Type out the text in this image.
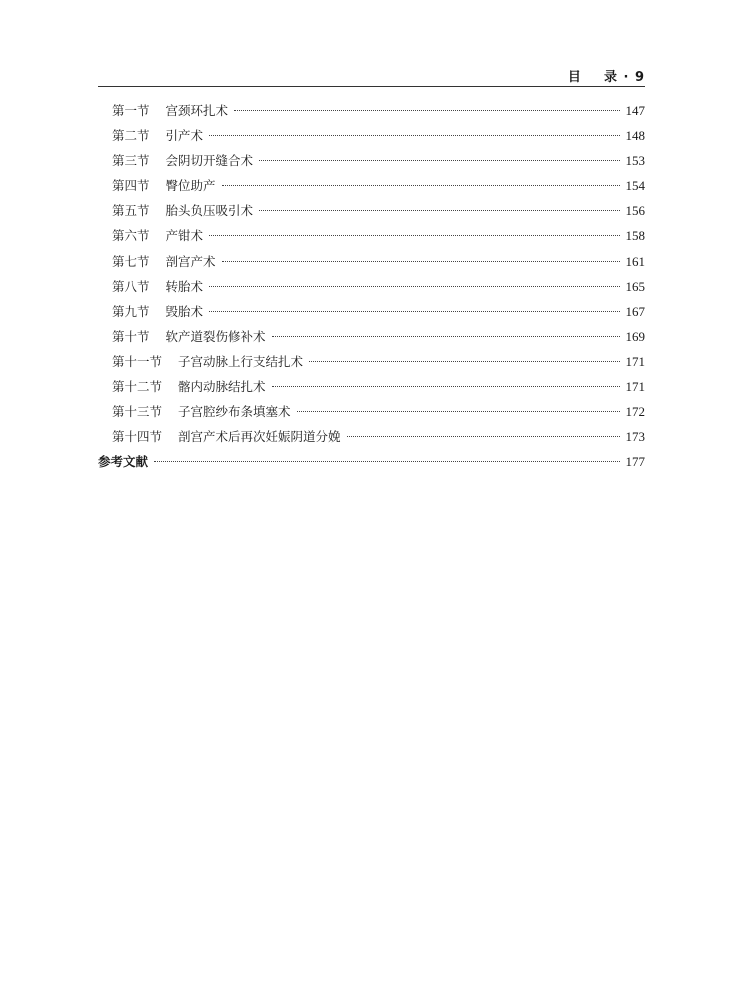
目    录 · 9
第一节 宫颈环扎术	147
第二节 引产术	148
第三节 会阴切开缝合术	153
第四节 臀位助产	154
第五节 胎头负压吸引术	156
第六节 产钳术	158
第七节 剖宫产术	161
第八节 转胎术	165
第九节 毁胎术	167
第十节 软产道裂伤修补术	169
第十一节 子宫动脉上行支结扎术	171
第十二节 髂内动脉结扎术	171
第十三节 子宫腔纱布条填塞术	172
第十四节 剖宫产术后再次妊娠阴道分娩	173
参考文献	177
